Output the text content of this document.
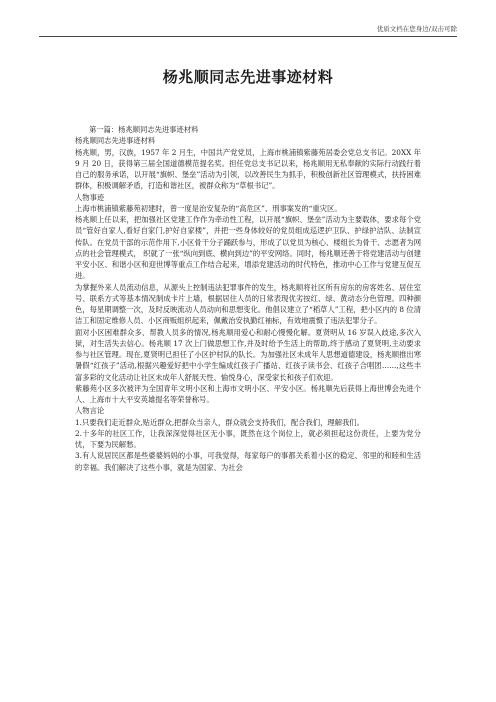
优质文档在您身边/双击可除
杨兆顺同志先进事迹材料

第一篇：杨兆顺同志先进事迹材料

杨兆顺同志先进事迹材料

杨兆顺，男，汉族，1957 年 2 月生，中国共产党党员，上海市桃浦镇紫藤苑居委会党总支书记。20XX 年 9 月 20 日，获得第三届全国道德模范提名奖。担任党总支书记以来，杨兆顺用无私奉献的实际行动践行着自己的服务承诺，以开展“旗帜、堡垒”活动为引领，以改善民生为抓手，积极创新社区管理模式，扶持困难群体，积极调解矛盾，打造和谐社区，被群众称为“草根书记”。

人物事迹

上海市桃浦镇紫藤苑初建时，曾一度是治安复杂的“高危区”、刑事案发的“重灾区。

杨兆顺上任以来，把加强社区党建工作作为牵动性工程，以开展“旗帜、堡垒”活动为主要载体，要求每个党员“管好自家人,看好自家门,护好自家楼”，并把一些身体较好的党员组成巡逻护卫队、护绿护洁队、法制宣传队。在党员干部的示范作用下,小区骨干分子踊跃参与，形成了以党员为核心、楼组长为骨干、志愿者为网点的社会管理模式， 织就了一张“纵向到底、横向到边”的平安网络。同时，杨兆顺还善于将党建活动与创建平安小区、和谐小区和迎世博等重点工作结合起来，增添党建活动的时代特色，推动中心工作与党建互促互进。

为掌握外来人员流动信息，从源头上控制违法犯罪事件的发生，杨兆顺将社区所有房东的房客姓名、居住室号、联系方式等基本情况制成卡片上墙，根据居住人员的日常表现优劣按红、绿、黄动态分色管理。四种颜色，每星期调整一次，及时反映流动人员动向和思想变化。他倡议建立了“稻草人”工程，把小区内的 8 位清洁工和固定维修人员、小区商贩组织起来，佩戴治安执勤红袖标，有效地震慑了违法犯罪分子。

面对小区困难群众多、帮教人员多的情况,杨兆顺用爱心和耐心慢慢化解。夏贤明从 16 岁误入歧途,多次入狱，对生活失去信心。杨兆顺 17 次上门做思想工作,并及时给予生活上的帮助,终于感动了夏贤明,主动要求参与社区管理。现在,夏贤明已担任了小区护村队的队长。为加强社区未成年人思想道德建设，杨兆顺推出寒暑假“红孩子”活动,根据兴趣爱好把中小学生编成红孩子广播站、红孩子读书会、红孩子合唱团……,这些丰富多彩的文化活动让社区未成年人舒展天性、愉悦身心，深受家长和孩子们欢迎。

紫藤苑小区多次被评为全国青年文明小区和上海市文明小区、平安小区。杨兆顺先后获得上海世博会先进个人、上海市十大平安英雄提名等荣誉称号。

人物言论

1.只要我们走近群众,贴近群众,把群众当亲人，群众就会支持我们，配合我们，理解我们。

2.十多年的社区工作，让我深深觉得社区无小事，既然在这个岗位上，就必须担起这份责任，上要为党分忧，下要为民解愁。

3.有人说居民区都是些婆婆妈妈的小事，可我觉得，每家每户的事都关系着小区的稳定、邻里的和睦和生活的幸福。我们解决了这些小事，就是为国家、为社会
